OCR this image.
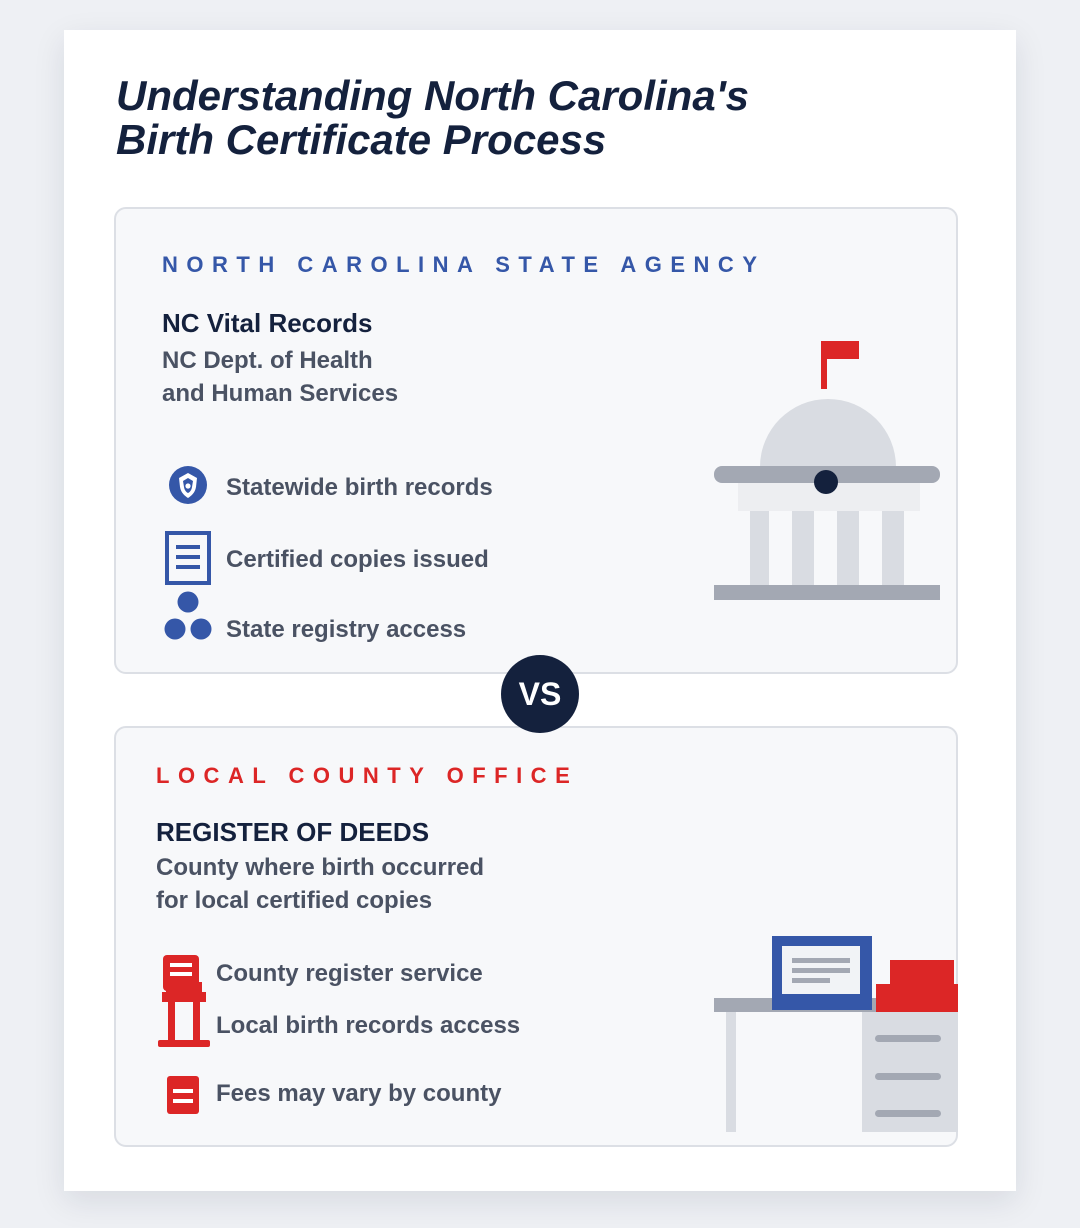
Understanding North Carolina's
Birth Certificate Process

NORTH CAROLINA STATE AGENCY

NC Vital Records

NC Dept. of Health
and Human Services

Statewide birth records
Certified copies issued
State registry access
VS

LOCAL COUNTY OFFICE

REGISTER OF DEEDS

County where birth occurred
for local certified copies

County register service
Local birth records access
Fees may vary by county
